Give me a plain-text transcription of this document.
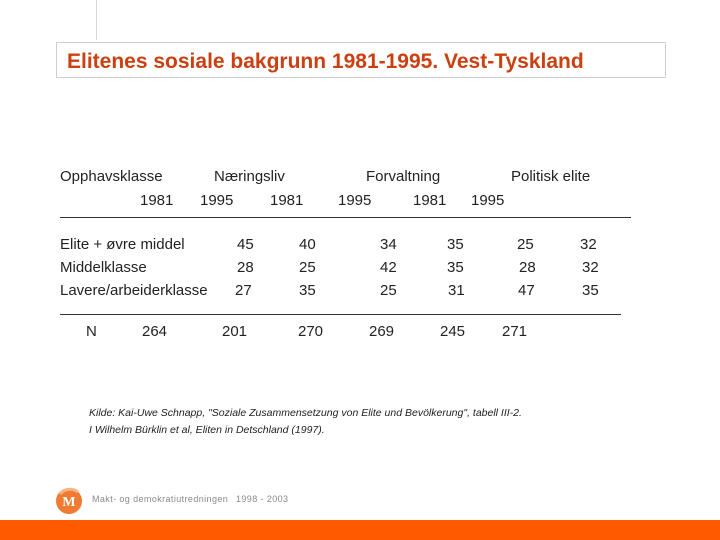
Elitenes sosiale bakgrunn 1981-1995. Vest-Tyskland
Opphavsklasse	Næringsliv	Forvaltning	Politisk elite
1981 1995 1981 1995	1981 1995
Elite + øvre middel	45	40	34	35	25	32
Middelklasse	28	25	42	35	28	32
Lavere/arbeiderklasse 27	35	25	31	47	35
N	264	201	270	269	245 271
Kilde: Kai-Uwe Schnapp, "Soziale Zusammensetzung von Elite und Bevölkerung", tabell III-2.
I Wilhelm Bürklin et al, Eliten in Detschland (1997).
M Makt- og demokratiutredningen 1998 - 2003
